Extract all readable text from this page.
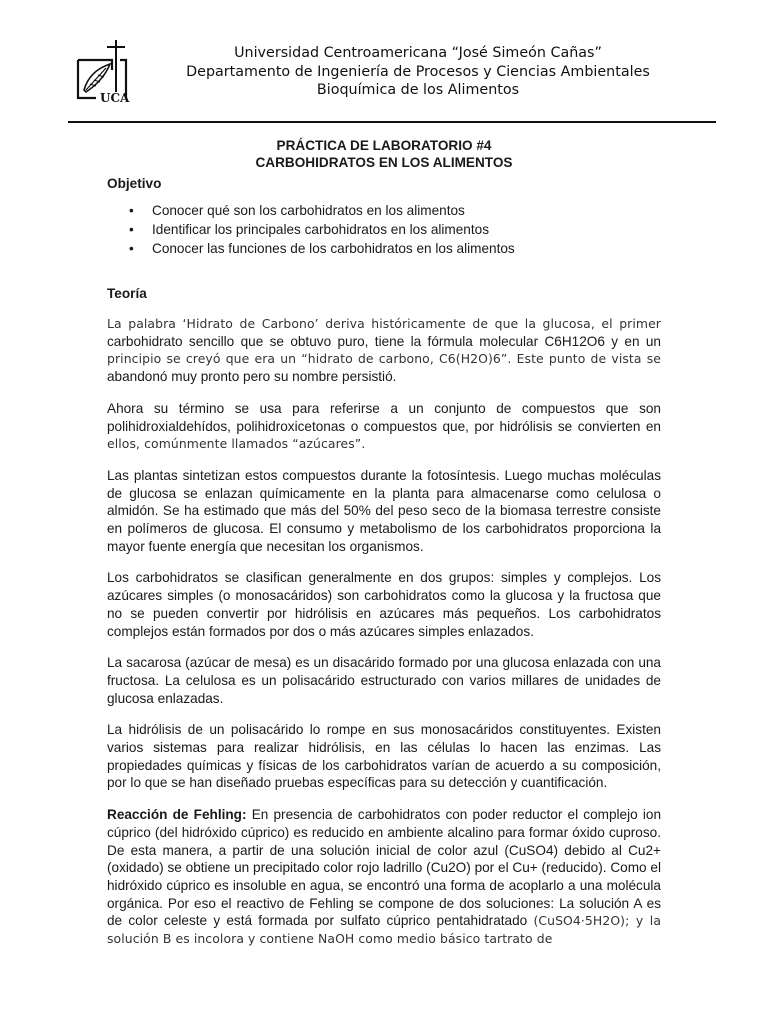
UCA
Universidad Centroamericana “José Simeón Cañas”
Departamento de Ingeniería de Procesos y Ciencias Ambientales
Bioquímica de los Alimentos
PRÁCTICA DE LABORATORIO #4
CARBOHIDRATOS EN LOS ALIMENTOS
Objetivo
• Conocer qué son los carbohidratos en los alimentos
• Identificar los principales carbohidratos en los alimentos
• Conocer las funciones de los carbohidratos en los alimentos
Teoría

La palabra ‘Hidrato de Carbono’ deriva históricamente de que la glucosa, el primer carbohidrato sencillo que se obtuvo puro, tiene la fórmula molecular C6H12O6 y en un principio se creyó que era un “hidrato de carbono, C6(H2O)6”. Este punto de vista se abandonó muy pronto pero su nombre persistió.

Ahora su término se usa para referirse a un conjunto de compuestos que son polihidroxialdehídos, polihidroxicetonas o compuestos que, por hidrólisis se convierten en ellos, comúnmente llamados “azúcares”.

Las plantas sintetizan estos compuestos durante la fotosíntesis. Luego muchas moléculas de glucosa se enlazan químicamente en la planta para almacenarse como celulosa o almidón. Se ha estimado que más del 50% del peso seco de la biomasa terrestre consiste en polímeros de glucosa. El consumo y metabolismo de los carbohidratos proporciona la mayor fuente energía que necesitan los organismos.

Los carbohidratos se clasifican generalmente en dos grupos: simples y complejos. Los azúcares simples (o monosacáridos) son carbohidratos como la glucosa y la fructosa que no se pueden convertir por hidrólisis en azúcares más pequeños. Los carbohidratos complejos están formados por dos o más azúcares simples enlazados.

La sacarosa (azúcar de mesa) es un disacárido formado por una glucosa enlazada con una fructosa. La celulosa es un polisacárido estructurado con varios millares de unidades de glucosa enlazadas.

La hidrólisis de un polisacárido lo rompe en sus monosacáridos constituyentes. Existen varios sistemas para realizar hidrólisis, en las células lo hacen las enzimas. Las propiedades químicas y físicas de los carbohidratos varían de acuerdo a su composición, por lo que se han diseñado pruebas específicas para su detección y cuantificación.

Reacción de Fehling: En presencia de carbohidratos con poder reductor el complejo ion cúprico (del hidróxido cúprico) es reducido en ambiente alcalino para formar óxido cuproso. De esta manera, a partir de una solución inicial de color azul (CuSO4) debido al Cu2+ (oxidado) se obtiene un precipitado color rojo ladrillo (Cu2O) por el Cu+ (reducido). Como el hidróxido cúprico es insoluble en agua, se encontró una forma de acoplarlo a una molécula orgánica. Por eso el reactivo de Fehling se compone de dos soluciones: La solución A es de color celeste y está formada por sulfato cúprico pentahidratado (CuSO4·5H2O); y la solución B es incolora y contiene NaOH como medio básico tartrato de
